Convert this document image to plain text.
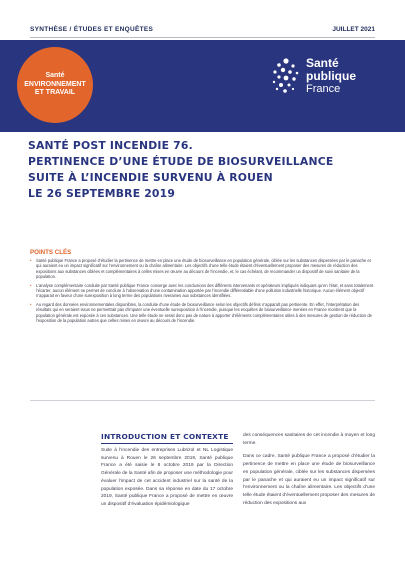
SYNTHÈSE / ÉTUDES ET ENQUÊTES	JUILLET 2021
Santé
ENVIRONNEMENT
ET TRAVAIL
Santé
publique
France
SANTÉ POST INCENDIE 76.
PERTINENCE D’UNE ÉTUDE DE BIOSURVEILLANCE
SUITE À L’INCENDIE SURVENU À ROUEN
LE 26 SEPTEMBRE 2019
POINTS CLÉS
• Santé publique France a proposé d’étudier la pertinence de mettre en place une étude de biosurveillance en population générale, ciblée sur les substances dispersées par le panache et qui auraient eu un impact significatif sur l’environnement ou la chaîne alimentaire. Les objectifs d’une telle étude étaient d’éventuellement proposer des mesures de réduction des expositions aux substances ciblées et complémentaires à celles mises en œuvre au décours de l’incendie, et, le cas échéant, de recommander un dispositif de suivi sanitaire de la population.
• L’analyse complémentaire conduite par Santé publique France converge avec les conclusions des différents intervenants et opérateurs impliqués indiquant qu’en l’état, et sans totalement l’écarter, aucun élément ne permet de conclure à l’observation d’une contamination apportée par l’incendie différentiable d’une pollution industrielle historique. Aucun élément objectif n’apparait en faveur d’une surexposition à long terme des populations riveraines aux substances identifiées.
• Au regard des données environnementales disponibles, la conduite d’une étude de biosurveillance selon les objectifs définis n’apparaît pas pertinente. En effet, l’interprétation des résultats qui en seraient issus ne permettrait pas d’imputer une éventuelle surexposition à l’incendie, puisque les enquêtes de biosurveillance menées en France montrent que la population générale est exposée à ces substances. Une telle étude ne serait donc pas de nature à apporter d’éléments complémentaires utiles à des mesures de gestion de réduction de l’exposition de la population autres que celles mises en œuvre au décours de l’incendie.
INTRODUCTION ET CONTEXTE

Suite à l’incendie des entreprises Lubrizol et NL Logistique survenu à Rouen le 26 septembre 2019, Santé publique France a été saisie le 8 octobre 2019 par la Direction Générale de la Santé afin de proposer une méthodologie pour évaluer l’impact de cet accident industriel sur la santé de la population exposée. Dans sa réponse en date du 17 octobre 2019, Santé publique France a proposé de mettre en œuvre un dispositif d’évaluation épidémiologique

des conséquences sanitaires de cet incendie à moyen et long terme.

Dans ce cadre, Santé publique France a proposé d’étudier la pertinence de mettre en place une étude de biosurveillance en population générale, ciblée sur les substances dispersées par le panache et qui auraient eu un impact significatif sur l’environnement ou la chaîne alimentaire. Les objectifs d’une telle étude étaient d’éventuellement proposer des mesures de réduction des expositions aux
